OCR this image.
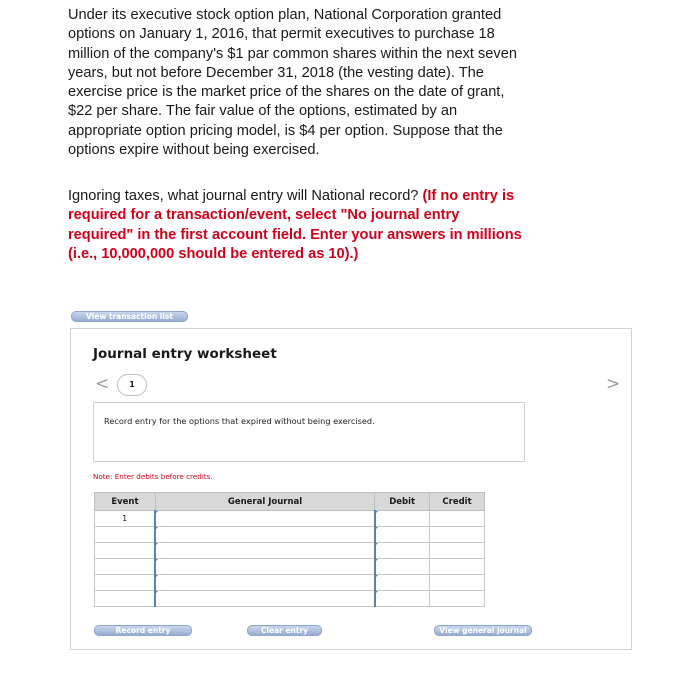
Under its executive stock option plan, National Corporation granted options on January 1, 2016, that permit executives to purchase 18 million of the company's $1 par common shares within the next seven years, but not before December 31, 2018 (the vesting date). The exercise price is the market price of the shares on the date of grant, $22 per share. The fair value of the options, estimated by an appropriate option pricing model, is $4 per option. Suppose that the options expire without being exercised.

Ignoring taxes, what journal entry will National record? (If no entry is required for a transaction/event, select "No journal entry required" in the first account field. Enter your answers in millions (i.e., 10,000,000 should be entered as 10).)

View transaction list
Journal entry worksheet
<	1	>
Record entry for the options that expired without being exercised.
Note: Enter debits before credits.
Event	General Journal	Debit	Credit
1	

Record entry	Clear entry	View general journal
